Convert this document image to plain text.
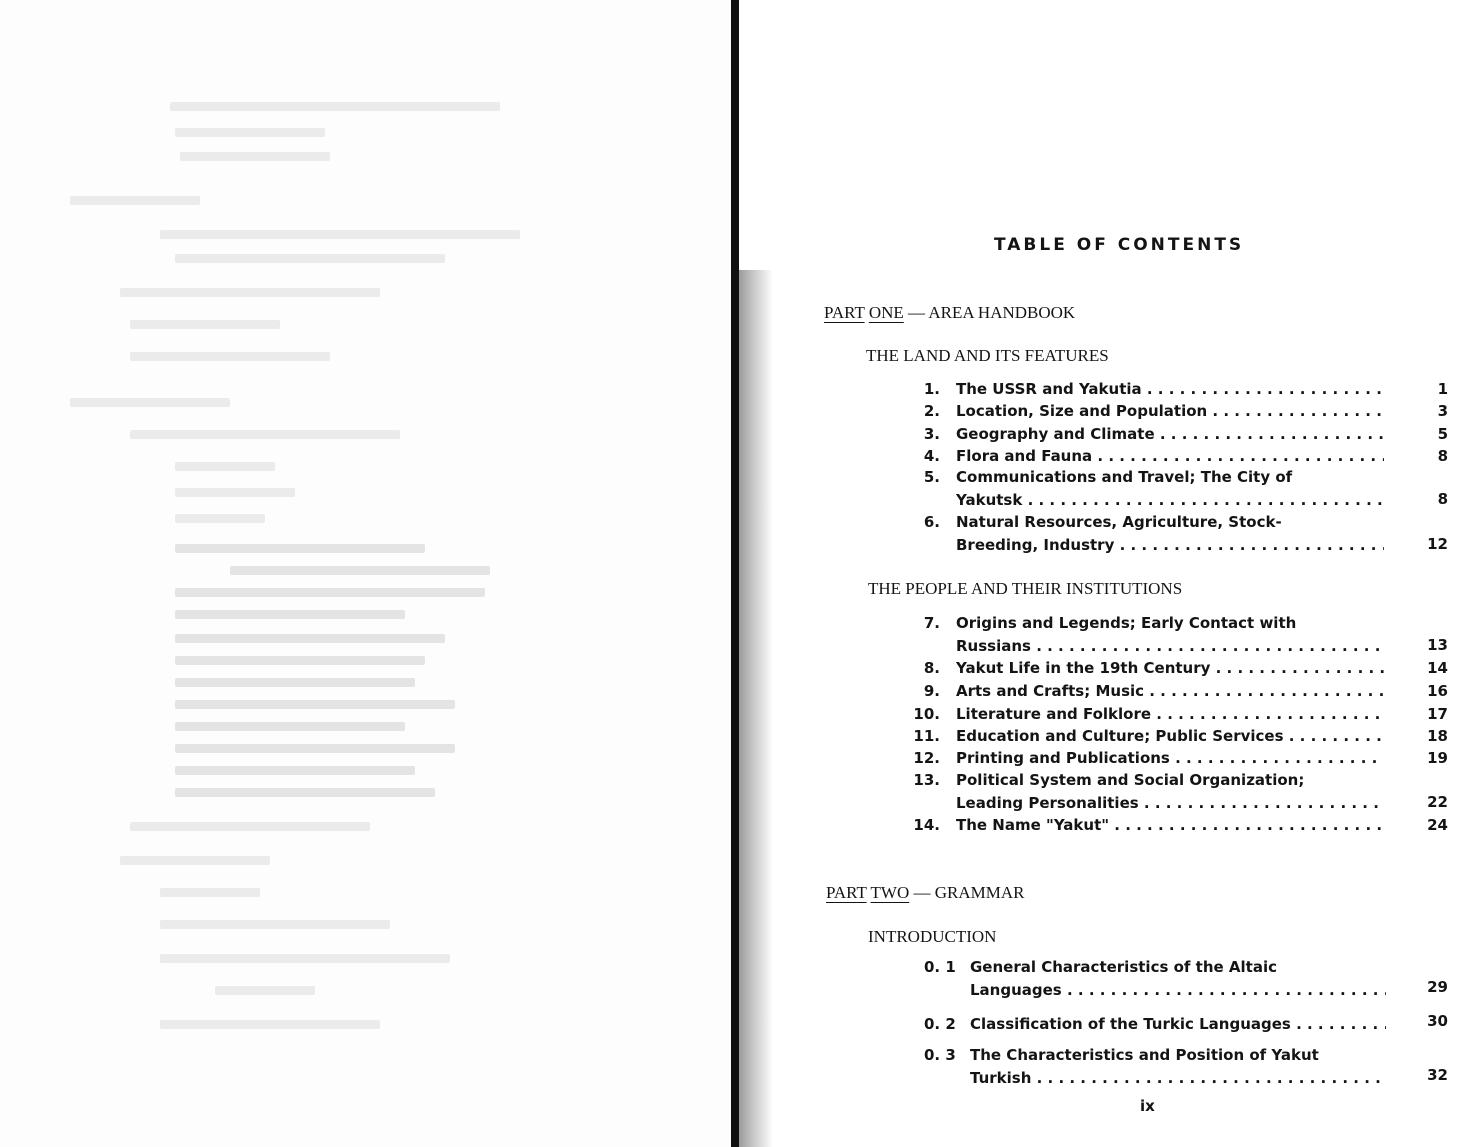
TABLE OF CONTENTS
PART ONE — AREA HANDBOOK
THE LAND AND ITS FEATURES
1. The USSR and Yakutia . . .	1
2. Location, Size and Population . . .	3
3. Geography and Climate . . .	5
4. Flora and Fauna . . .	8
5. Communications and Travel; The City of
Yakutsk . . .	8
6. Natural Resources, Agriculture, Stock-
Breeding, Industry . . .	12
THE PEOPLE AND THEIR INSTITUTIONS
7. Origins and Legends; Early Contact with
Russians . . .	13
8. Yakut Life in the 19th Century . . .	14
9. Arts and Crafts; Music . . .	16
10. Literature and Folklore . . .	17
11. Education and Culture; Public Services . . .	18
12. Printing and Publications . . .	19
13. Political System and Social Organization;
Leading Personalities . . .	22
14. The Name "Yakut" . . .	24
PART TWO — GRAMMAR
INTRODUCTION
0. 1 General Characteristics of the Altaic
Languages . . .	29
0. 2 Classification of the Turkic Languages . . .	30
0. 3 The Characteristics and Position of Yakut
Turkish . . .	32
ix
